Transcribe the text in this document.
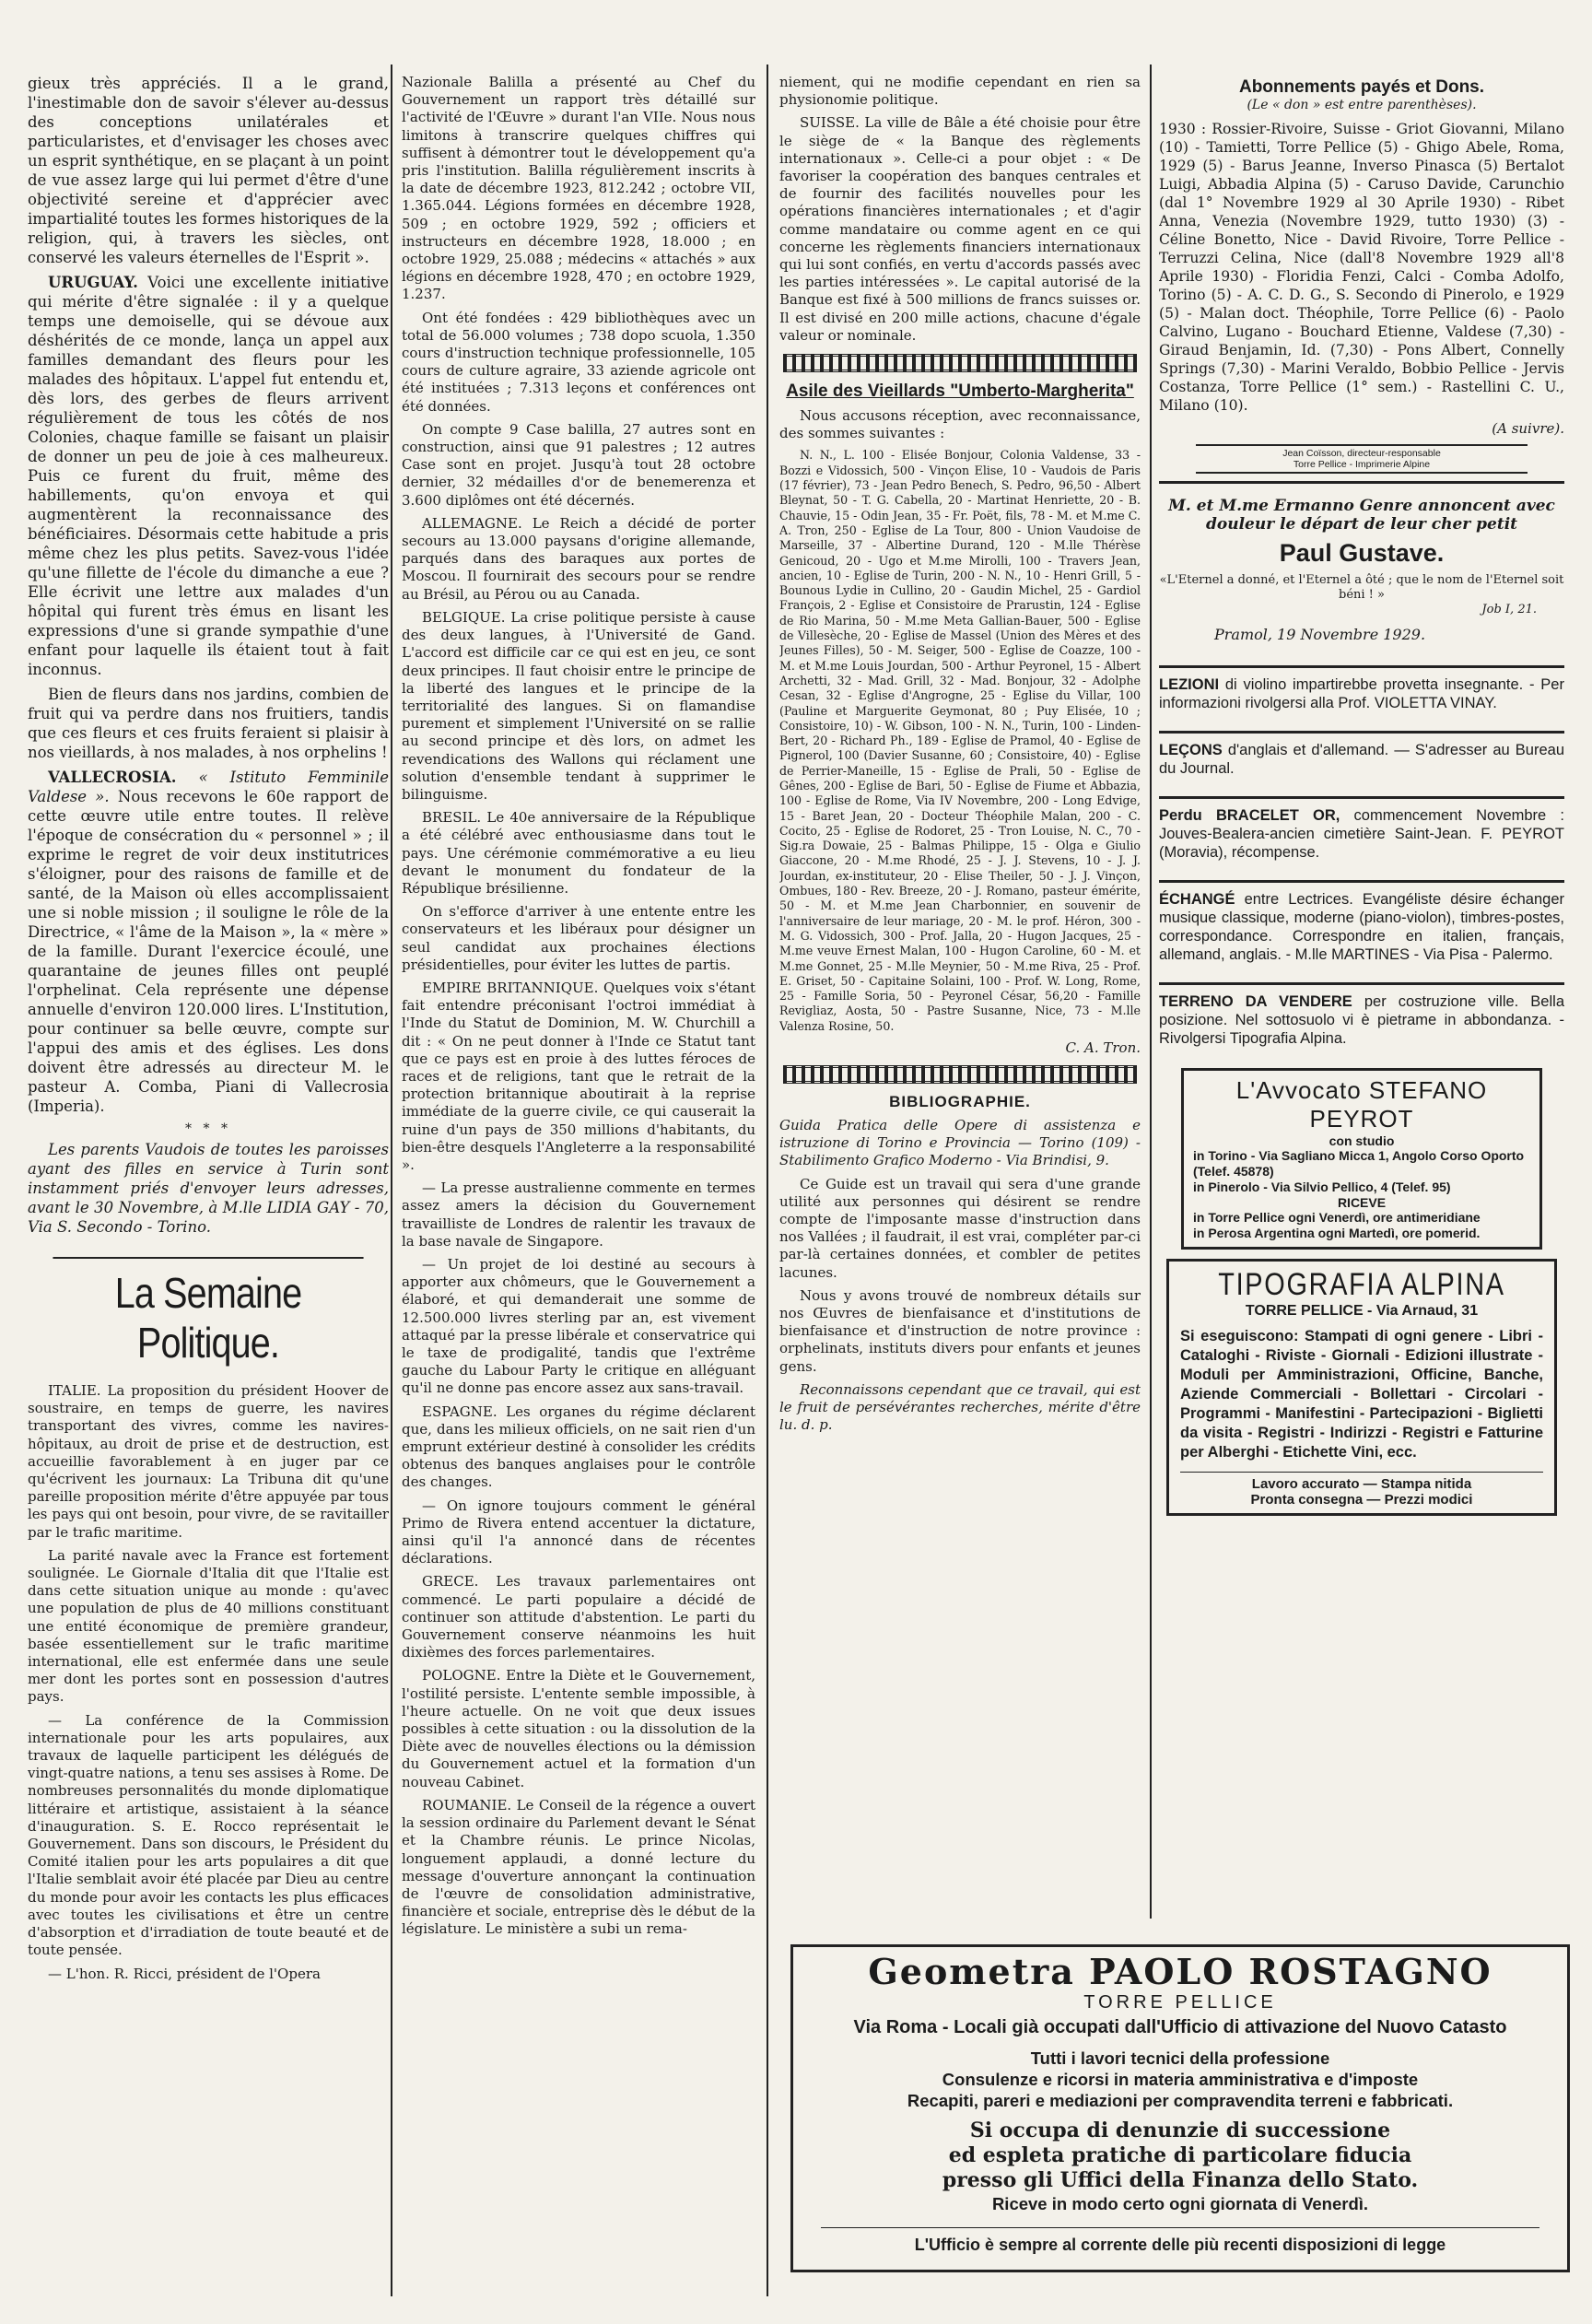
gieux très appréciés. Il a le grand, l'inestimable don de savoir s'élever au-dessus des conceptions unilatérales et particularistes, et d'envisager les choses avec un esprit synthétique, en se plaçant à un point de vue assez large qui lui permet d'être d'une objectivité sereine et d'apprécier avec impartialité toutes les formes historiques de la religion, qui, à travers les siècles, ont conservé les valeurs éternelles de l'Esprit ».

URUGUAY. Voici une excellente initiative qui mérite d'être signalée : il y a quelque temps une demoiselle, qui se dévoue aux déshérités de ce monde, lança un appel aux familles demandant des fleurs pour les malades des hôpitaux. L'appel fut entendu et, dès lors, des gerbes de fleurs arrivent régulièrement de tous les côtés de nos Colonies, chaque famille se faisant un plaisir de donner un peu de joie à ces malheureux. Puis ce furent du fruit, même des habillements, qu'on envoya et qui augmentèrent la reconnaissance des bénéficiaires. Désormais cette habitude a pris même chez les plus petits. Savez-vous l'idée qu'une fillette de l'école du dimanche a eue ? Elle écrivit une lettre aux malades d'un hôpital qui furent très émus en lisant les expressions d'une si grande sympathie d'une enfant pour laquelle ils étaient tout à fait inconnus.

Bien de fleurs dans nos jardins, combien de fruit qui va perdre dans nos fruitiers, tandis que ces fleurs et ces fruits feraient si plaisir à nos vieillards, à nos malades, à nos orphelins !

VALLECROSIA. « Istituto Femminile Valdese ». Nous recevons le 60e rapport de cette œuvre utile entre toutes. Il relève l'époque de consécration du « personnel » ; il exprime le regret de voir deux institutrices s'éloigner, pour des raisons de famille et de santé, de la Maison où elles accomplissaient une si noble mission ; il souligne le rôle de la Directrice, « l'âme de la Maison », la « mère » de la famille. Durant l'exercice écoulé, une quarantaine de jeunes filles ont peuplé l'orphelinat. Cela représente une dépense annuelle d'environ 120.000 lires. L'Institution, pour continuer sa belle œuvre, compte sur l'appui des amis et des églises. Les dons doivent être adressés au directeur M. le pasteur A. Comba, Piani di Vallecrosia (Imperia).

* * *

Les parents Vaudois de toutes les paroisses ayant des filles en service à Turin sont instamment priés d'envoyer leurs adresses, avant le 30 Novembre, à M.lle LIDIA GAY - 70, Via S. Secondo - Torino.

La Semaine Politique.

ITALIE. La proposition du président Hoover de soustraire, en temps de guerre, les navires transportant des vivres, comme les navires-hôpitaux, au droit de prise et de destruction, est accueillie favorablement à en juger par ce qu'écrivent les journaux: La Tribuna dit qu'une pareille proposition mérite d'être appuyée par tous les pays qui ont besoin, pour vivre, de se ravitailler par le trafic maritime.

La parité navale avec la France est fortement soulignée. Le Giornale d'Italia dit que l'Italie est dans cette situation unique au monde : qu'avec une population de plus de 40 millions constituant une entité économique de première grandeur, basée essentiellement sur le trafic maritime international, elle est enfermée dans une seule mer dont les portes sont en possession d'autres pays.

— La conférence de la Commission internationale pour les arts populaires, aux travaux de laquelle participent les délégués de vingt-quatre nations, a tenu ses assises à Rome. De nombreuses personnalités du monde diplomatique littéraire et artistique, assistaient à la séance d'inauguration. S. E. Rocco représentait le Gouvernement. Dans son discours, le Président du Comité italien pour les arts populaires a dit que l'Italie semblait avoir été placée par Dieu au centre du monde pour avoir les contacts les plus efficaces avec toutes les civilisations et être un centre d'absorption et d'irradiation de toute beauté et de toute pensée.

— L'hon. R. Ricci, président de l'Opera

Nazionale Balilla a présenté au Chef du Gouvernement un rapport très détaillé sur l'activité de l'Œuvre » durant l'an VIIe. Nous nous limitons à transcrire quelques chiffres qui suffisent à démontrer tout le développement qu'a pris l'institution. Balilla régulièrement inscrits à la date de décembre 1923, 812.242 ; octobre VII, 1.365.044. Légions formées en décembre 1928, 509 ; en octobre 1929, 592 ; officiers et instructeurs en décembre 1928, 18.000 ; en octobre 1929, 25.088 ; médecins « attachés » aux légions en décembre 1928, 470 ; en octobre 1929, 1.237.

Ont été fondées : 429 bibliothèques avec un total de 56.000 volumes ; 738 dopo scuola, 1.350 cours d'instruction technique professionnelle, 105 cours de culture agraire, 33 aziende agricole ont été instituées ; 7.313 leçons et conférences ont été données.

On compte 9 Case balilla, 27 autres sont en construction, ainsi que 91 palestres ; 12 autres Case sont en projet. Jusqu'à tout 28 octobre dernier, 32 médailles d'or de benemerenza et 3.600 diplômes ont été décernés.

ALLEMAGNE. Le Reich a décidé de porter secours au 13.000 paysans d'origine allemande, parqués dans des baraques aux portes de Moscou. Il fournirait des secours pour se rendre au Brésil, au Pérou ou au Canada.

BELGIQUE. La crise politique persiste à cause des deux langues, à l'Université de Gand. L'accord est difficile car ce qui est en jeu, ce sont deux principes. Il faut choisir entre le principe de la liberté des langues et le principe de la territorialité des langues. Si on flamandise purement et simplement l'Université on se rallie au second principe et dès lors, on admet les revendications des Wallons qui réclament une solution d'ensemble tendant à supprimer le bilinguisme.

BRESIL. Le 40e anniversaire de la République a été célébré avec enthousiasme dans tout le pays. Une cérémonie commémorative a eu lieu devant le monument du fondateur de la République brésilienne.

On s'efforce d'arriver à une entente entre les conservateurs et les libéraux pour désigner un seul candidat aux prochaines élections présidentielles, pour éviter les luttes de partis.

EMPIRE BRITANNIQUE. Quelques voix s'étant fait entendre préconisant l'octroi immédiat à l'Inde du Statut de Dominion, M. W. Churchill a dit : « On ne peut donner à l'Inde ce Statut tant que ce pays est en proie à des luttes féroces de races et de religions, tant que le retrait de la protection britannique aboutirait à la reprise immédiate de la guerre civile, ce qui causerait la ruine d'un pays de 350 millions d'habitants, du bien-être desquels l'Angleterre a la responsabilité ».

— La presse australienne commente en termes assez amers la décision du Gouvernement travailliste de Londres de ralentir les travaux de la base navale de Singapore.

— Un projet de loi destiné au secours à apporter aux chômeurs, que le Gouvernement a élaboré, et qui demanderait une somme de 12.500.000 livres sterling par an, est vivement attaqué par la presse libérale et conservatrice qui le taxe de prodigalité, tandis que l'extrême gauche du Labour Party le critique en alléguant qu'il ne donne pas encore assez aux sans-travail.

ESPAGNE. Les organes du régime déclarent que, dans les milieux officiels, on ne sait rien d'un emprunt extérieur destiné à consolider les crédits obtenus des banques anglaises pour le contrôle des changes.

— On ignore toujours comment le général Primo de Rivera entend accentuer la dictature, ainsi qu'il l'a annoncé dans de récentes déclarations.

GRECE. Les travaux parlementaires ont commencé. Le parti populaire a décidé de continuer son attitude d'abstention. Le parti du Gouvernement conserve néanmoins les huit dixièmes des forces parlementaires.

POLOGNE. Entre la Diète et le Gouvernement, l'ostilité persiste. L'entente semble impossible, à l'heure actuelle. On ne voit que deux issues possibles à cette situation : ou la dissolution de la Diète avec de nouvelles élections ou la démission du Gouvernement actuel et la formation d'un nouveau Cabinet.

ROUMANIE. Le Conseil de la régence a ouvert la session ordinaire du Parlement devant le Sénat et la Chambre réunis. Le prince Nicolas, longuement applaudi, a donné lecture du message d'ouverture annonçant la continuation de l'œuvre de consolidation administrative, financière et sociale, entreprise dès le début de la législature. Le ministère a subi un rema-

niement, qui ne modifie cependant en rien sa physionomie politique.

SUISSE. La ville de Bâle a été choisie pour être le siège de « la Banque des règlements internationaux ». Celle-ci a pour objet : « De favoriser la coopération des banques centrales et de fournir des facilités nouvelles pour les opérations financières internationales ; et d'agir comme mandataire ou comme agent en ce qui concerne les règlements financiers internationaux qui lui sont confiés, en vertu d'accords passés avec les parties intéressées ». Le capital autorisé de la Banque est fixé à 500 millions de francs suisses or. Il est divisé en 200 mille actions, chacune d'égale valeur or nominale.

Asile des Vieillards "Umberto-Margherita"

Nous accusons réception, avec reconnaissance, des sommes suivantes :

N. N., L. 100 - Elisée Bonjour, Colonia Valdense, 33 - Bozzi e Vidossich, 500 - Vinçon Elise, 10 - Vaudois de Paris (17 février), 73 - Jean Pedro Benech, S. Pedro, 96,50 - Albert Bleynat, 50 - T. G. Cabella, 20 - Martinat Henriette, 20 - B. Chauvie, 15 - Odin Jean, 35 - Fr. Poët, fils, 78 - M. et M.me C. A. Tron, 250 - Eglise de La Tour, 800 - Union Vaudoise de Marseille, 37 - Albertine Durand, 120 - M.lle Thérèse Genicoud, 20 - Ugo et M.me Mirolli, 100 - Travers Jean, ancien, 10 - Eglise de Turin, 200 - N. N., 10 - Henri Grill, 5 - Bounous Lydie in Cullino, 20 - Gaudin Michel, 25 - Gardiol François, 2 - Eglise et Consistoire de Prarustin, 124 - Eglise de Rio Marina, 50 - M.me Meta Gallian-Bauer, 500 - Eglise de Villesèche, 20 - Eglise de Massel (Union des Mères et des Jeunes Filles), 50 - M. Seiger, 500 - Eglise de Coazze, 100 - M. et M.me Louis Jourdan, 500 - Arthur Peyronel, 15 - Albert Archetti, 32 - Mad. Grill, 32 - Mad. Bonjour, 32 - Adolphe Cesan, 32 - Eglise d'Angrogne, 25 - Eglise du Villar, 100 (Pauline et Marguerite Geymonat, 80 ; Puy Elisée, 10 ; Consistoire, 10) - W. Gibson, 100 - N. N., Turin, 100 - Linden-Bert, 20 - Richard Ph., 189 - Eglise de Pramol, 40 - Eglise de Pignerol, 100 (Davier Susanne, 60 ; Consistoire, 40) - Eglise de Perrier-Maneille, 15 - Eglise de Prali, 50 - Eglise de Gênes, 200 - Eglise de Bari, 50 - Eglise de Fiume et Abbazia, 100 - Eglise de Rome, Via IV Novembre, 200 - Long Edvige, 15 - Baret Jean, 20 - Docteur Théophile Malan, 200 - C. Cocito, 25 - Eglise de Rodoret, 25 - Tron Louise, N. C., 70 - Sig.ra Dowaie, 25 - Balmas Philippe, 15 - Olga e Giulio Giaccone, 20 - M.me Rhodé, 25 - J. J. Stevens, 10 - J. J. Jourdan, ex-instituteur, 20 - Elise Theiler, 50 - J. J. Vinçon, Ombues, 180 - Rev. Breeze, 20 - J. Romano, pasteur émérite, 50 - M. et M.me Jean Charbonnier, en souvenir de l'anniversaire de leur mariage, 20 - M. le prof. Héron, 300 - M. G. Vidossich, 300 - Prof. Jalla, 20 - Hugon Jacques, 25 - M.me veuve Ernest Malan, 100 - Hugon Caroline, 60 - M. et M.me Gonnet, 25 - M.lle Meynier, 50 - M.me Riva, 25 - Prof. E. Griset, 50 - Capitaine Solaini, 100 - Prof. W. Long, Rome, 25 - Famille Soria, 50 - Peyronel César, 56,20 - Famille Revigliaz, Aosta, 50 - Pastre Susanne, Nice, 73 - M.lle Valenza Rosine, 50.

C. A. Tron.
BIBLIOGRAPHIE.

Guida Pratica delle Opere di assistenza e istruzione di Torino e Provincia — Torino (109) - Stabilimento Grafico Moderno - Via Brindisi, 9.

Ce Guide est un travail qui sera d'une grande utilité aux personnes qui désirent se rendre compte de l'imposante masse d'instruction dans nos Vallées ; il faudrait, il est vrai, compléter par-ci par-là certaines données, et combler de petites lacunes.

Nous y avons trouvé de nombreux détails sur nos Œuvres de bienfaisance et d'institutions de bienfaisance et d'instruction de notre province : orphelinats, instituts divers pour enfants et jeunes gens.

Reconnaissons cependant que ce travail, qui est le fruit de persévérantes recherches, mérite d'être lu. d. p.

Abonnements payés et Dons.
(Le « don » est entre parenthèses).

1930 : Rossier-Rivoire, Suisse - Griot Giovanni, Milano (10) - Tamietti, Torre Pellice (5) - Ghigo Abele, Roma, 1929 (5) - Barus Jeanne, Inverso Pinasca (5) Bertalot Luigi, Abbadia Alpina (5) - Caruso Davide, Carunchio (dal 1° Novembre 1929 al 30 Aprile 1930) - Ribet Anna, Venezia (Novembre 1929, tutto 1930) (3) - Céline Bonetto, Nice - David Rivoire, Torre Pellice - Terruzzi Celina, Nice (dall'8 Novembre 1929 all'8 Aprile 1930) - Floridia Fenzi, Calci - Comba Adolfo, Torino (5) - A. C. D. G., S. Secondo di Pinerolo, e 1929 (5) - Malan doct. Théophile, Torre Pellice (6) - Paolo Calvino, Lugano - Bouchard Etienne, Valdese (7,30) - Giraud Benjamin, Id. (7,30) - Pons Albert, Connelly Springs (7,30) - Marini Veraldo, Bobbio Pellice - Jervis Costanza, Torre Pellice (1° sem.) - Rastellini C. U., Milano (10).

(A suivre).
Jean Coïsson, directeur-responsable
Torre Pellice - Imprimerie Alpine
M. et M.me Ermanno Genre annoncent avec douleur le départ de leur cher petit
Paul Gustave.
«L'Eternel a donné, et l'Eternel a ôté ; que le nom de l'Eternel soit béni ! »
Job I, 21.
Pramol, 19 Novembre 1929.

LEZIONI di violino impartirebbe provetta insegnante. - Per informazioni rivolgersi alla Prof. VIOLETTA VINAY.

LEÇONS d'anglais et d'allemand. — S'adresser au Bureau du Journal.

Perdu BRACELET OR, commencement Novembre : Jouves-Bealera-ancien cimetière Saint-Jean. F. PEYROT (Moravia), récompense.

ÉCHANGÉ entre Lectrices. Evangéliste désire échanger musique classique, moderne (piano-violon), timbres-postes, correspondance. Correspondre en italien, français, allemand, anglais. - M.lle MARTINES - Via Pisa - Palermo.

TERRENO DA VENDERE per costruzione ville. Bella posizione. Nel sottosuolo vi è pietrame in abbondanza. - Rivolgersi Tipografia Alpina.

L'Avvocato STEFANO PEYROT
con studio
in Torino - Via Sagliano Micca 1, Angolo Corso Oporto (Telef. 45878)
in Pinerolo - Via Silvio Pellico, 4 (Telef. 95)
RICEVE
in Torre Pellice ogni Venerdì, ore antimeridiane
in Perosa Argentina ogni Martedì, ore pomerid.
TIPOGRAFIA ALPINA
TORRE PELLICE - Via Arnaud, 31
Si eseguiscono: Stampati di ogni genere - Libri - Cataloghi - Riviste - Giornali - Edizioni illustrate - Moduli per Amministrazioni, Officine, Banche, Aziende Commerciali - Bollettari - Circolari - Programmi - Manifestini - Partecipazioni - Biglietti da visita - Registri - Indirizzi - Registri e Fatturine per Alberghi - Etichette Vini, ecc.
Lavoro accurato — Stampa nitida
Pronta consegna — Prezzi modici
Geometra PAOLO ROSTAGNO
TORRE PELLICE
Via Roma - Locali già occupati dall'Ufficio di attivazione del Nuovo Catasto
Tutti i lavori tecnici della professione
Consulenze e ricorsi in materia amministrativa e d'imposte
Recapiti, pareri e mediazioni per compravendita terreni e fabbricati.
Si occupa di denunzie di successione
ed espleta pratiche di particolare fiducia
presso gli Uffici della Finanza dello Stato.
Riceve in modo certo ogni giornata di Venerdì.
L'Ufficio è sempre al corrente delle più recenti disposizioni di legge
